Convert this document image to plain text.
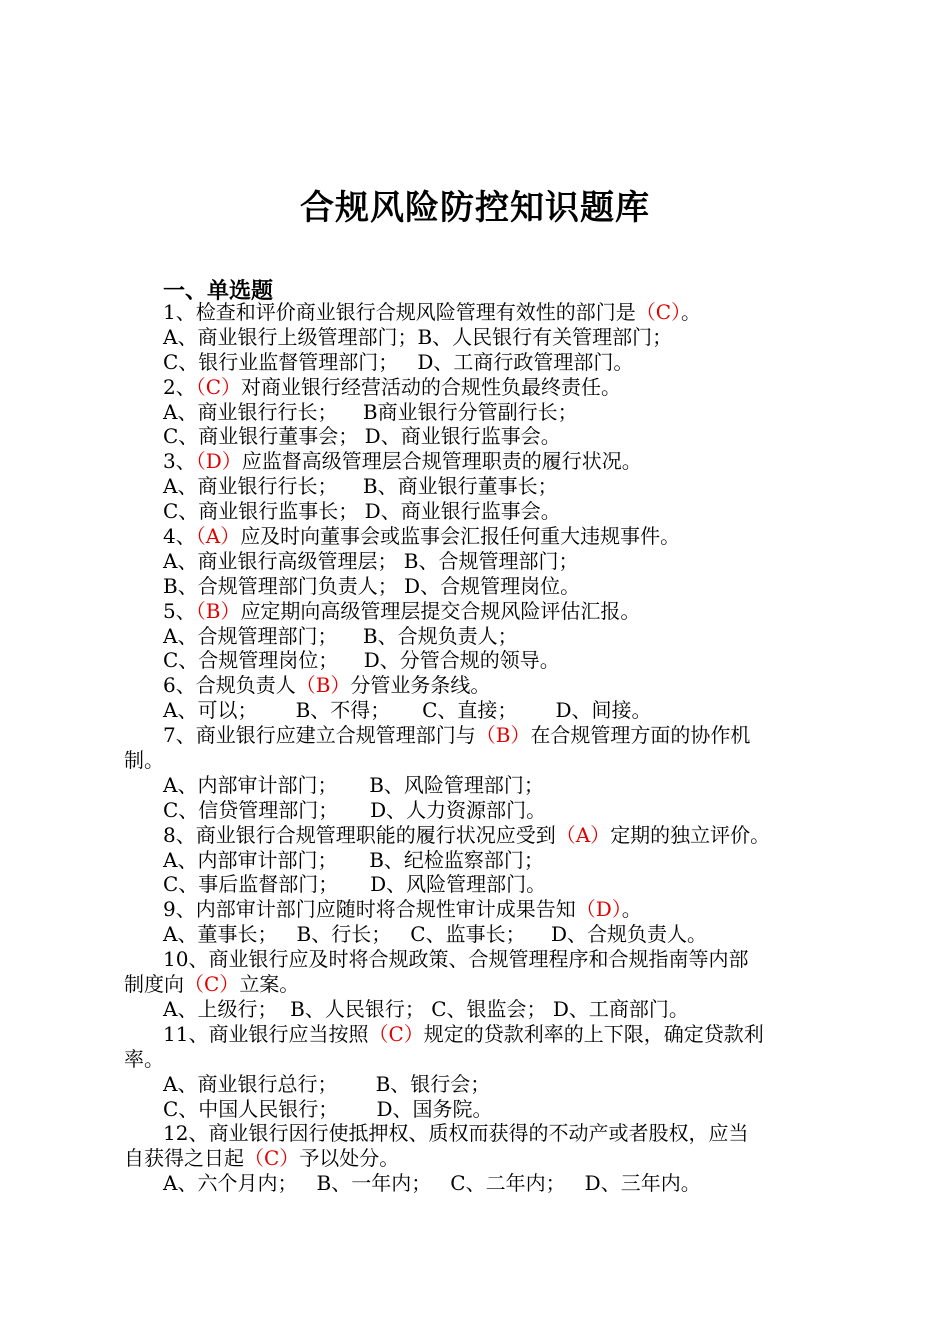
合规风险防控知识题库
一、单选题
1、检查和评价商业银行合规风险管理有效性的部门是（C）。
A、商业银行上级管理部门；B、人民银行有关管理部门；
C、银行业监督管理部门；   D、工商行政管理部门。
2、（C）对商业银行经营活动的合规性负最终责任。
A、商业银行行长；    B商业银行分管副行长；
C、商业银行董事会； D、商业银行监事会。
3、（D）应监督高级管理层合规管理职责的履行状况。
A、商业银行行长；    B、商业银行董事长；
C、商业银行监事长； D、商业银行监事会。
4、（A）应及时向董事会或监事会汇报任何重大违规事件。
A、商业银行高级管理层； B、合规管理部门；
B、合规管理部门负责人； D、合规管理岗位。
5、（B）应定期向高级管理层提交合规风险评估汇报。
A、合规管理部门；    B、合规负责人；
C、合规管理岗位；    D、分管合规的领导。
6、合规负责人（B）分管业务条线。
A、可以；      B、不得；     C、直接；      D、间接。
7、商业银行应建立合规管理部门与（B）在合规管理方面的协作机
制。
A、内部审计部门；     B、风险管理部门；
C、信贷管理部门；     D、人力资源部门。
8、商业银行合规管理职能的履行状况应受到（A）定期的独立评价。
A、内部审计部门；     B、纪检监察部门；
C、事后监督部门；     D、风险管理部门。
9、内部审计部门应随时将合规性审计成果告知（D）。
A、董事长；   B、行长；   C、监事长；    D、合规负责人。
10、商业银行应及时将合规政策、合规管理程序和合规指南等内部
制度向（C）立案。
A、上级行；  B、人民银行； C、银监会； D、工商部门。
11、商业银行应当按照（C）规定的贷款利率的上下限，确定贷款利
率。
A、商业银行总行；      B、银行会；
C、中国人民银行；      D、国务院。
12、商业银行因行使抵押权、质权而获得的不动产或者股权，应当
自获得之日起（C）予以处分。
A、六个月内；   B、一年内；   C、二年内；   D、三年内。
